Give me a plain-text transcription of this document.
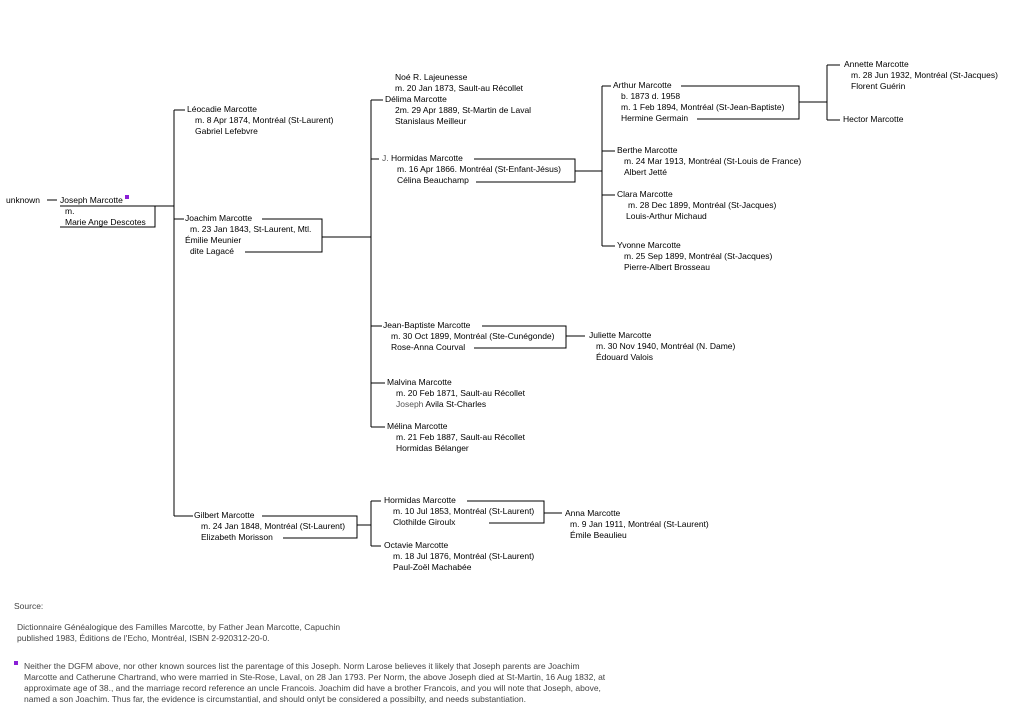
unknown Joseph Marcotte
m.
Marie Ange Descotes
Léocadie Marcotte
m. 8 Apr 1874, Montréal (St-Laurent)
Gabriel Lefebvre
Joachim Marcotte
m. 23 Jan 1843, St-Laurent, Mtl.
Émilie Meunier
dite Lagacé
Gilbert Marcotte
m. 24 Jan 1848, Montréal (St-Laurent)
Elizabeth Morisson
Noé R. Lajeunesse
m. 20 Jan 1873, Sault-au Récollet
Délima Marcotte
2m. 29 Apr 1889, St-Martin de Laval
Stanislaus Meilleur
J. Hormidas Marcotte
m. 16 Apr 1866. Montréal (St-Enfant-Jésus)
Célina Beauchamp
Jean-Baptiste Marcotte
m. 30 Oct 1899, Montréal (Ste-Cunégonde)
Rose-Anna Courval
Malvina Marcotte
m. 20 Feb 1871, Sault-au Récollet
Joseph Avila St-Charles
Mélina Marcotte
m. 21 Feb 1887, Sault-au Récollet
Hormidas Bélanger
Arthur Marcotte
b. 1873 d. 1958
m. 1 Feb 1894, Montréal (St-Jean-Baptiste)
Hermine Germain
Berthe Marcotte
m. 24 Mar 1913, Montréal (St-Louis de France)
Albert Jetté
Clara Marcotte
m. 28 Dec 1899, Montréal (St-Jacques)
Louis-Arthur Michaud
Yvonne Marcotte
m. 25 Sep 1899, Montréal (St-Jacques)
Pierre-Albert Brosseau
Annette Marcotte
m. 28 Jun 1932, Montréal (St-Jacques)
Florent Guérin
Hector Marcotte
Juliette Marcotte
m. 30 Nov 1940, Montréal (N. Dame)
Édouard Valois
Hormidas Marcotte
m. 10 Jul 1853, Montréal (St-Laurent)
Clothilde Giroulx
Octavie Marcotte
m. 18 Jul 1876, Montréal (St-Laurent)
Paul-Zoël Machabée
Anna Marcotte
m. 9 Jan 1911, Montréal (St-Laurent)
Émile Beaulieu
Source:
Dictionnaire Généalogique des Familles Marcotte, by Father Jean Marcotte, Capuchin
published 1983, Éditions de l'Echo, Montréal, ISBN 2-920312-20-0.
Neither the DGFM above, nor other known sources list the parentage of this Joseph. Norm Larose believes it likely that Joseph parents are Joachim
Marcotte and Catherune Chartrand, who were married in Ste-Rose, Laval, on 28 Jan 1793. Per Norm, the above Joseph died at St-Martin, 16 Aug 1832, at
approximate age of 38., and the marriage record reference an uncle Francois. Joachim did have a brother Francois, and you will note that Joseph, above,
named a son Joachim. Thus far, the evidence is circumstantial, and should onlyt be considered a possibilty, and needs substantiation.
